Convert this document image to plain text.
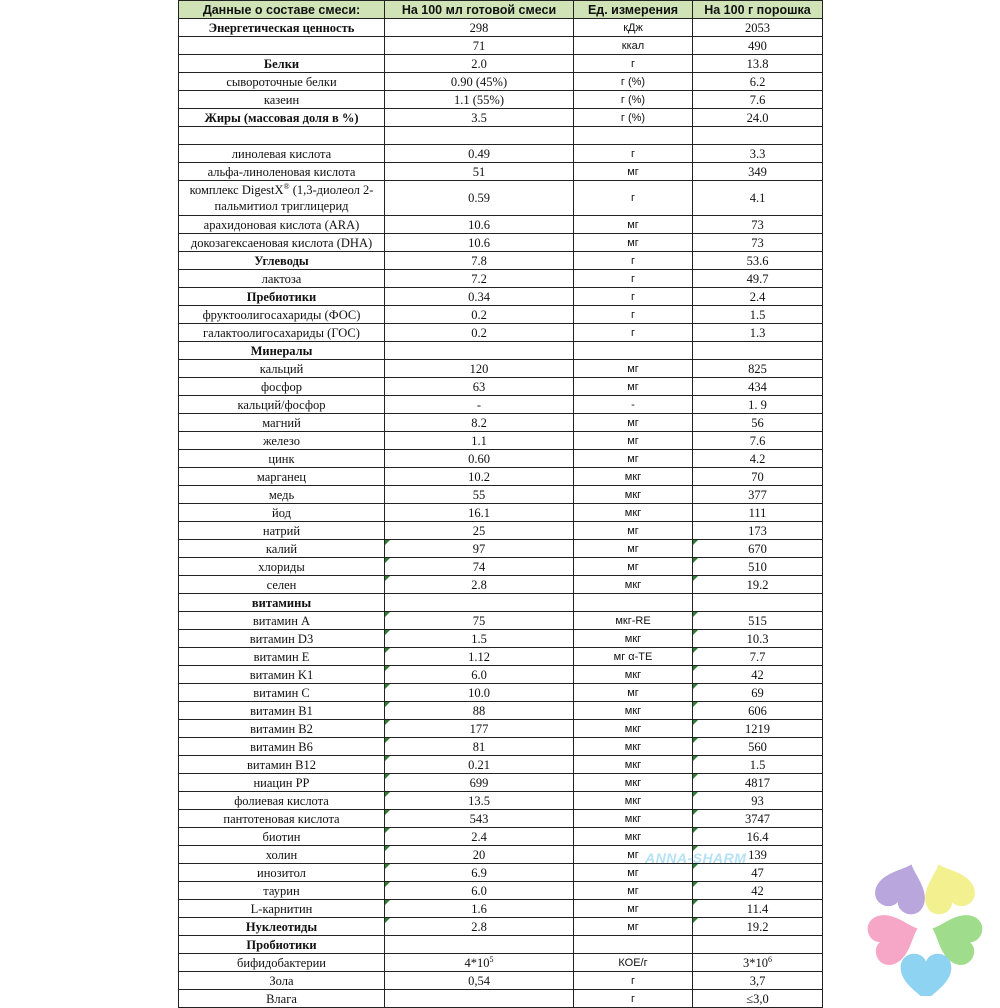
Данные о составе смеси:	На 100 мл готовой смеси	Ед. измерения	На 100 г порошка
Энергетическая ценность	298	кДж	2053
	71	ккал	490
Белки	2.0	г	13.8
сывороточные белки	0.90 (45%)	г (%)	6.2
казеин	1.1 (55%)	г (%)	7.6
Жиры (массовая доля в %)	3.5	г (%)	24.0

линолевая кислота	0.49	г	3.3
альфа-линоленовая кислота	51	мг	349
комплекс DigestX® (1,3-диолеол 2-пальмитиол триглицерид	0.59	г	4.1
арахидоновая кислота (ARA)	10.6	мг	73
докозагексаеновая кислота (DHA)	10.6	мг	73
Углеводы	7.8	г	53.6
лактоза	7.2	г	49.7
Пребиотики	0.34	г	2.4
фруктоолигосахариды (ФОС)	0.2	г	1.5
галактоолигосахариды (ГОС)	0.2	г	1.3
Минералы			
кальций	120	мг	825
фосфор	63	мг	434
кальций/фосфор	-	-	1. 9
магний	8.2	мг	56
железо	1.1	мг	7.6
цинк	0.60	мг	4.2
марганец	10.2	мкг	70
медь	55	мкг	377
йод	16.1	мкг	111
натрий	25	мг	173
калий	97	мг	670
хлориды	74	мг	510
селен	2.8	мкг	19.2
витамины			
витамин A	75	мкг-RE	515
витамин D3	1.5	мкг	10.3
витамин E	1.12	мг α-TE	7.7
витамин K1	6.0	мкг	42
витамин C	10.0	мг	69
витамин B1	88	мкг	606
витамин B2	177	мкг	1219
витамин B6	81	мкг	560
витамин B12	0.21	мкг	1.5
ниацин PP	699	мкг	4817
фолиевая кислота	13.5	мкг	93
пантотеновая кислота	543	мкг	3747
биотин	2.4	мкг	16.4
холин	20	мг	139
инозитол	6.9	мг	47
таурин	6.0	мг	42
L-карнитин	1.6	мг	11.4
Нуклеотиды	2.8	мг	19.2
Пробиотики			
бифидобактерии	$4*10^5$	КОЕ/г	$3*10^6$
Зола	0,54	г	3,7
Влага		г	≤3,0
ANNA-SHARM
